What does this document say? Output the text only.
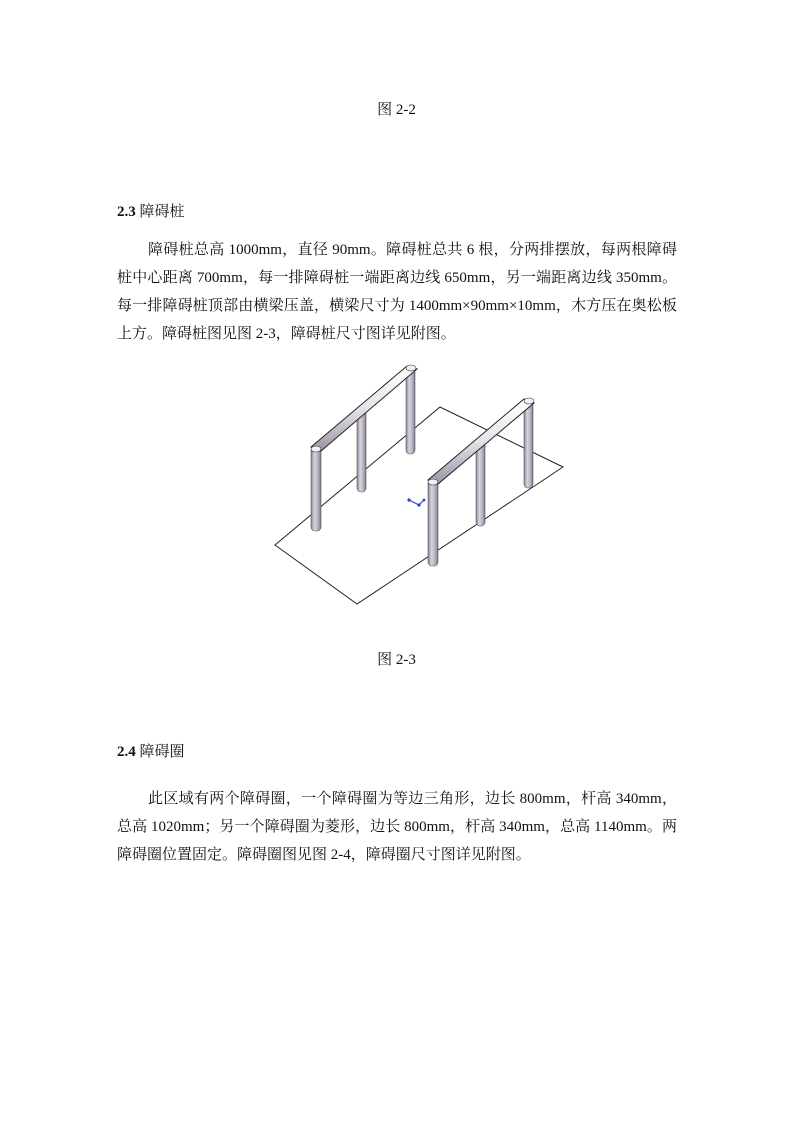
图 2-2
2.3 障碍桩

障碍桩总高 1000mm，直径 90mm。障碍桩总共 6 根，分两排摆放，每两根障碍桩中心距离 700mm，每一排障碍桩一端距离边线 650mm，另一端距离边线 350mm。每一排障碍桩顶部由横梁压盖，横梁尺寸为 1400mm×90mm×10mm，木方压在奥松板上方。障碍桩图见图 2-3，障碍桩尺寸图详见附图。

图 2-3
2.4 障碍圈

此区域有两个障碍圈，一个障碍圈为等边三角形，边长 800mm，杆高 340mm，总高 1020mm；另一个障碍圈为菱形，边长 800mm，杆高 340mm，总高 1140mm。两障碍圈位置固定。障碍圈图见图 2-4，障碍圈尺寸图详见附图。
